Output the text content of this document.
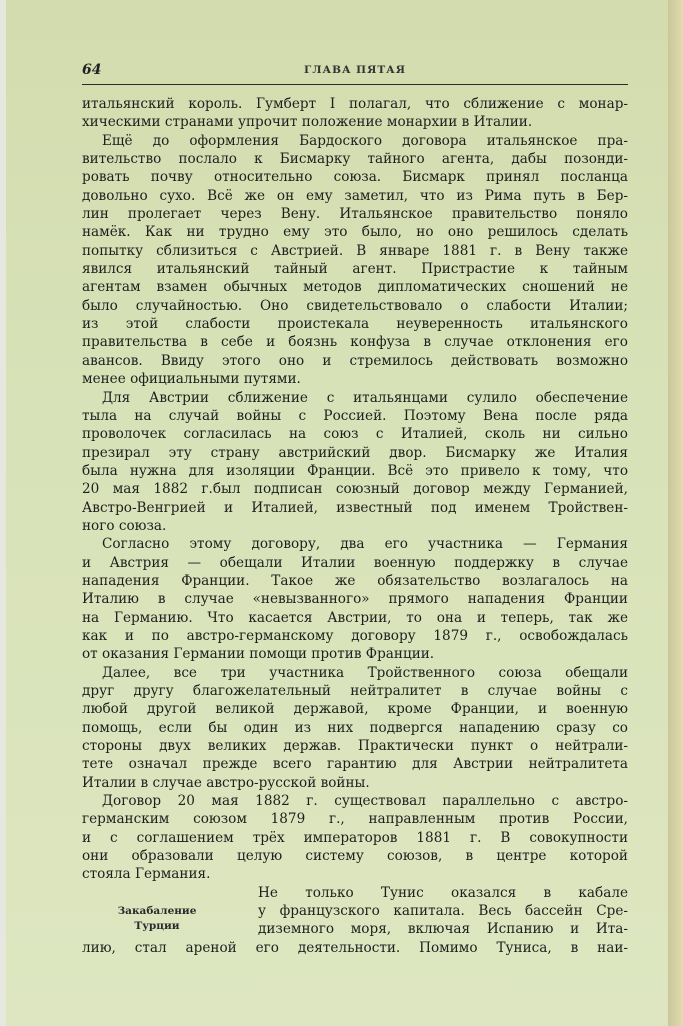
64	ГЛАВА ПЯТАЯ
итальянский король. Гумберт I полагал, что сближение с монар-
хическими странами упрочит положение монархии в Италии.
Ещё до оформления Бардоского договора итальянское пра-
вительство послало к Бисмарку тайного агента, дабы позонди-
ровать почву относительно союза. Бисмарк принял посланца
довольно сухо. Всё же он ему заметил, что из Рима путь в Бер-
лин пролегает через Вену. Итальянское правительство поняло
намёк. Как ни трудно ему это было, но оно решилось сделать
попытку сблизиться с Австрией. В январе 1881 г. в Вену также
явился итальянский тайный агент. Пристрастие к тайным
агентам взамен обычных методов дипломатических сношений не
было случайностью. Оно свидетельствовало о слабости Италии;
из этой слабости проистекала неуверенность итальянского
правительства в себе и боязнь конфуза в случае отклонения его
авансов. Ввиду этого оно и стремилось действовать возможно
менее официальными путями.
Для Австрии сближение с итальянцами сулило обеспечение
тыла на случай войны с Россией. Поэтому Вена после ряда
проволочек согласилась на союз с Италией, сколь ни сильно
презирал эту страну австрийский двор. Бисмарку же Италия
была нужна для изоляции Франции. Всё это привело к тому, что
20 мая 1882 г.был подписан союзный договор между Германией,
Австро-Венгрией и Италией, известный под именем Тройствен-
ного союза.
Согласно этому договору, два его участника — Германия
и Австрия — обещали Италии военную поддержку в случае
нападения Франции. Такое же обязательство возлагалось на
Италию в случае «невызванного» прямого нападения Франции
на Германию. Что касается Австрии, то она и теперь, так же
как и по австро-германскому договору 1879 г., освобождалась
от оказания Германии помощи против Франции.
Далее, все три участника Тройственного союза обещали
друг другу благожелательный нейтралитет в случае войны с
любой другой великой державой, кроме Франции, и военную
помощь, если бы один из них подвергся нападению сразу со
стороны двух великих держав. Практически пункт о нейтрали-
тете означал прежде всего гарантию для Австрии нейтралитета
Италии в случае австро-русской войны.
Договор 20 мая 1882 г. существовал параллельно с австро-
германским союзом 1879 г., направленным против России,
и с соглашением трёх императоров 1881 г. В совокупности
они образовали целую систему союзов, в центре которой
стояла Германия.
Закабаление
Турции
Не только Тунис оказался в кабале
у французского капитала. Весь бассейн Сре-
диземного моря, включая Испанию и Ита-
лию, стал ареной его деятельности. Помимо Туниса, в наи-
